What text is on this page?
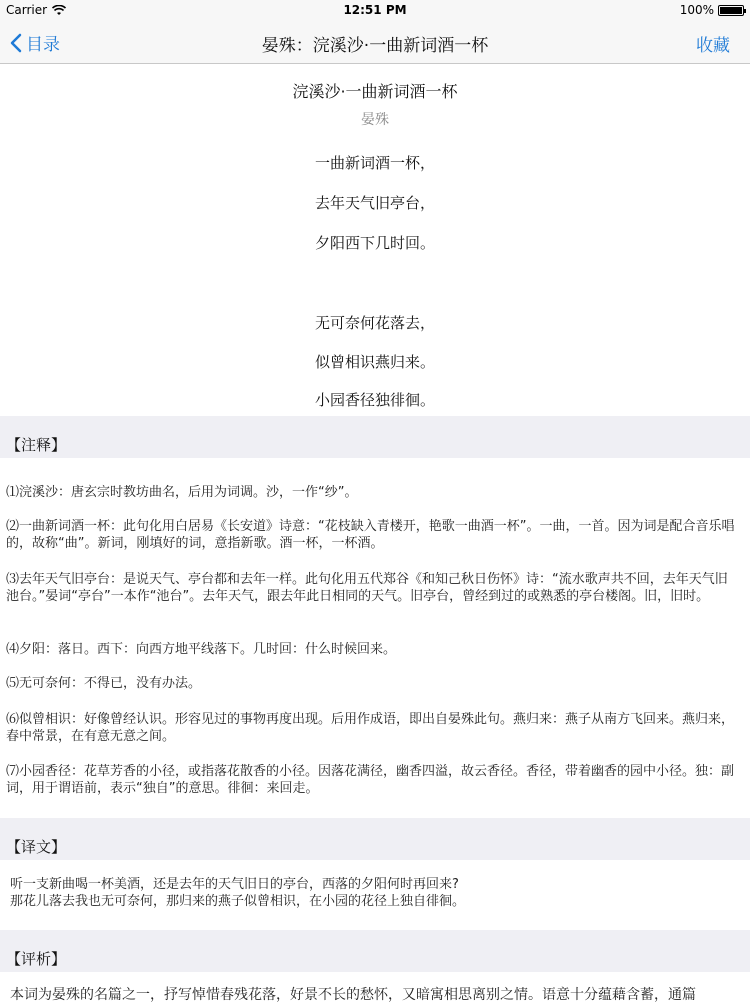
Carrier	12:51 PM	100%
目录	晏殊：浣溪沙·一曲新词酒一杯	收藏
浣溪沙·一曲新词酒一杯
晏殊
一曲新词酒一杯，
去年天气旧亭台，
夕阳西下几时回。
无可奈何花落去，
似曾相识燕归来。
小园香径独徘徊。
【注释】
⑴浣溪沙：唐玄宗时教坊曲名，后用为词调。沙，一作“纱”。
⑵一曲新词酒一杯：此句化用白居易《长安道》诗意：“花枝缺入青楼开，艳歌一曲酒一杯”。一曲，一首。因为词是配合音乐唱的，故称“曲”。新词，刚填好的词，意指新歌。酒一杯，一杯酒。
⑶去年天气旧亭台：是说天气、亭台都和去年一样。此句化用五代郑谷《和知己秋日伤怀》诗：“流水歌声共不回，去年天气旧池台。”晏词“亭台”一本作“池台”。去年天气，跟去年此日相同的天气。旧亭台，曾经到过的或熟悉的亭台楼阁。旧，旧时。
⑷夕阳：落日。西下：向西方地平线落下。几时回：什么时候回来。
⑸无可奈何：不得已，没有办法。
⑹似曾相识：好像曾经认识。形容见过的事物再度出现。后用作成语，即出自晏殊此句。燕归来：燕子从南方飞回来。燕归来，春中常景，在有意无意之间。
⑺小园香径：花草芳香的小径，或指落花散香的小径。因落花满径，幽香四溢，故云香径。香径，带着幽香的园中小径。独：副词，用于谓语前，表示“独自”的意思。徘徊：来回走。
【译文】
听一支新曲喝一杯美酒，还是去年的天气旧日的亭台，西落的夕阳何时再回来?
那花儿落去我也无可奈何，那归来的燕子似曾相识，在小园的花径上独自徘徊。
【评析】
本词为晏殊的名篇之一，抒写悼惜春残花落，好景不长的愁怀，又暗寓相思离别之情。语意十分蕴藉含蓄，通篇
